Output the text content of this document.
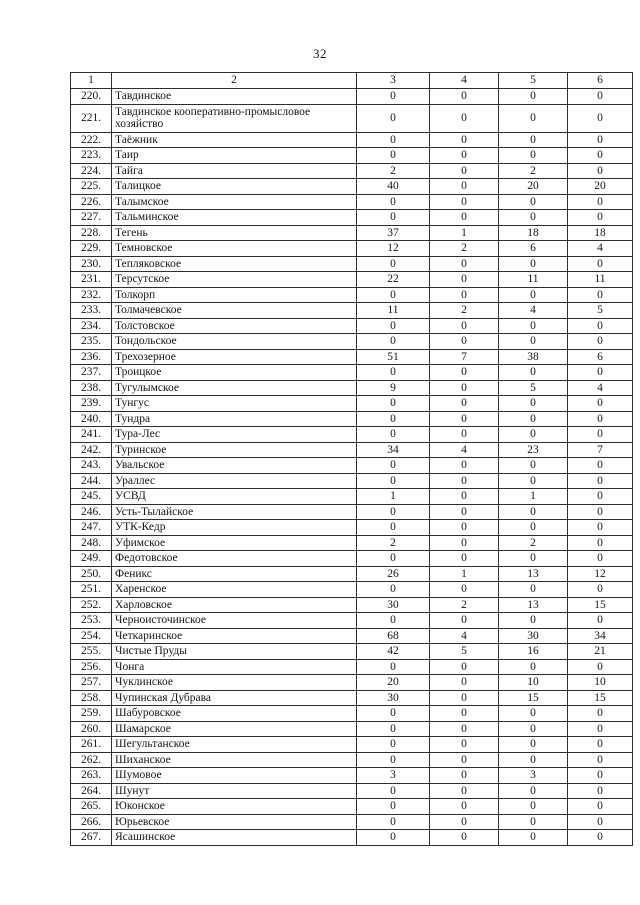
32
1	2	3	4	5	6
220.	Тавдинское	0	0	0	0
221.	Тавдинское кооперативно-промысловое хозяйство	0	0	0	0
222.	Таёжник	0	0	0	0
223.	Таир	0	0	0	0
224.	Тайга	2	0	2	0
225.	Талицкое	40	0	20	20
226.	Талымское	0	0	0	0
227.	Тальминское	0	0	0	0
228.	Тегень	37	1	18	18
229.	Темновское	12	2	6	4
230.	Тепляковское	0	0	0	0
231.	Терсутское	22	0	11	11
232.	Толкорп	0	0	0	0
233.	Толмачевское	11	2	4	5
234.	Толстовское	0	0	0	0
235.	Тондольское	0	0	0	0
236.	Трехозерное	51	7	38	6
237.	Троицкое	0	0	0	0
238.	Тугулымское	9	0	5	4
239.	Тунгус	0	0	0	0
240.	Тундра	0	0	0	0
241.	Тура-Лес	0	0	0	0
242.	Туринское	34	4	23	7
243.	Увальское	0	0	0	0
244.	Ураллес	0	0	0	0
245.	УСВД	1	0	1	0
246.	Усть-Тылайское	0	0	0	0
247.	УТК-Кедр	0	0	0	0
248.	Уфимское	2	0	2	0
249.	Федотовское	0	0	0	0
250.	Феникс	26	1	13	12
251.	Харенское	0	0	0	0
252.	Харловское	30	2	13	15
253.	Черноисточинское	0	0	0	0
254.	Четкаринское	68	4	30	34
255.	Чистые Пруды	42	5	16	21
256.	Чонга	0	0	0	0
257.	Чуклинское	20	0	10	10
258.	Чупинская Дубрава	30	0	15	15
259.	Шабуровское	0	0	0	0
260.	Шамарское	0	0	0	0
261.	Шегультанское	0	0	0	0
262.	Шиханское	0	0	0	0
263.	Шумовое	3	0	3	0
264.	Шунут	0	0	0	0
265.	Юконское	0	0	0	0
266.	Юрьевское	0	0	0	0
267.	Ясашинское	0	0	0	0
